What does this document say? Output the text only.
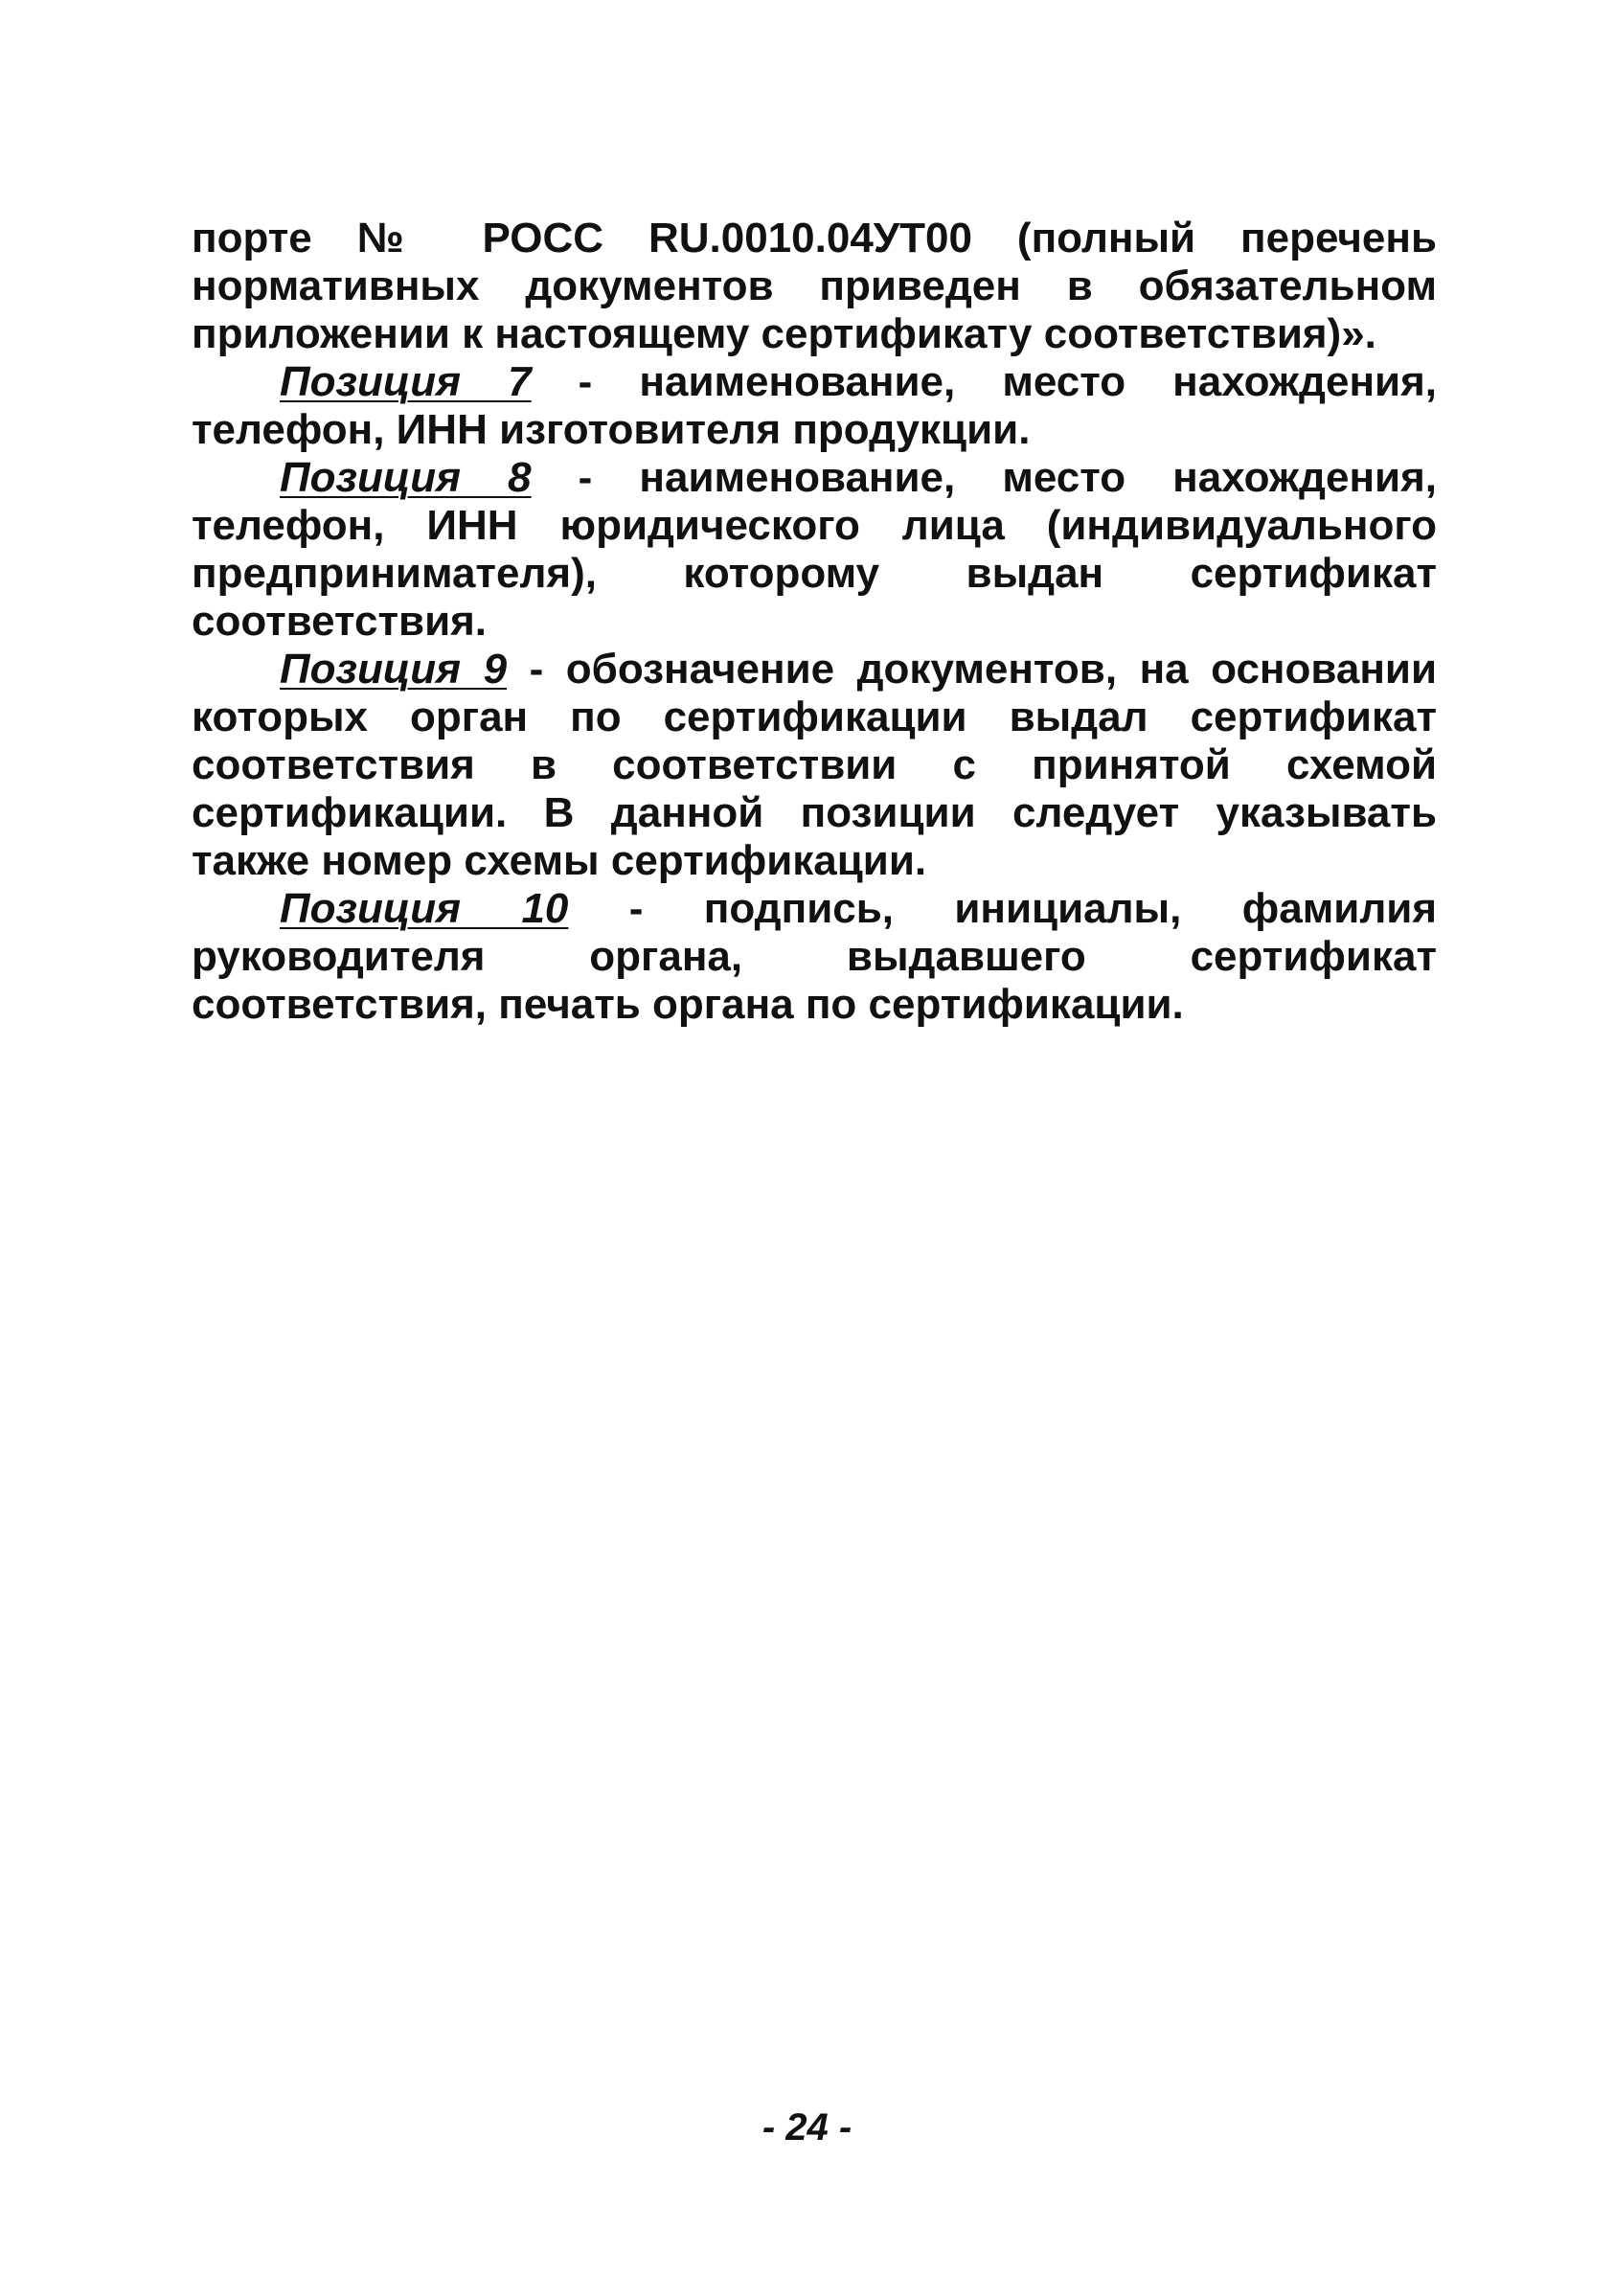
порте № РОСС RU.0010.04УТ00 (полный перечень нормативных документов приведен в обязательном приложении к настоящему сертификату соответствия)».

Позиция 7 - наименование, место нахождения, телефон, ИНН изготовителя продукции.

Позиция 8 - наименование, место нахождения, телефон, ИНН юридического лица (индивидуального предпринимателя), которому выдан сертификат соответствия.

Позиция 9 - обозначение документов, на основании которых орган по сертификации выдал сертификат соответствия в соответствии с принятой схемой сертификации. В данной позиции следует указывать также номер схемы сертификации.

Позиция 10 - подпись, инициалы, фамилия руководителя органа, выдавшего сертификат соответствия, печать органа по сертификации.

- 24 -
